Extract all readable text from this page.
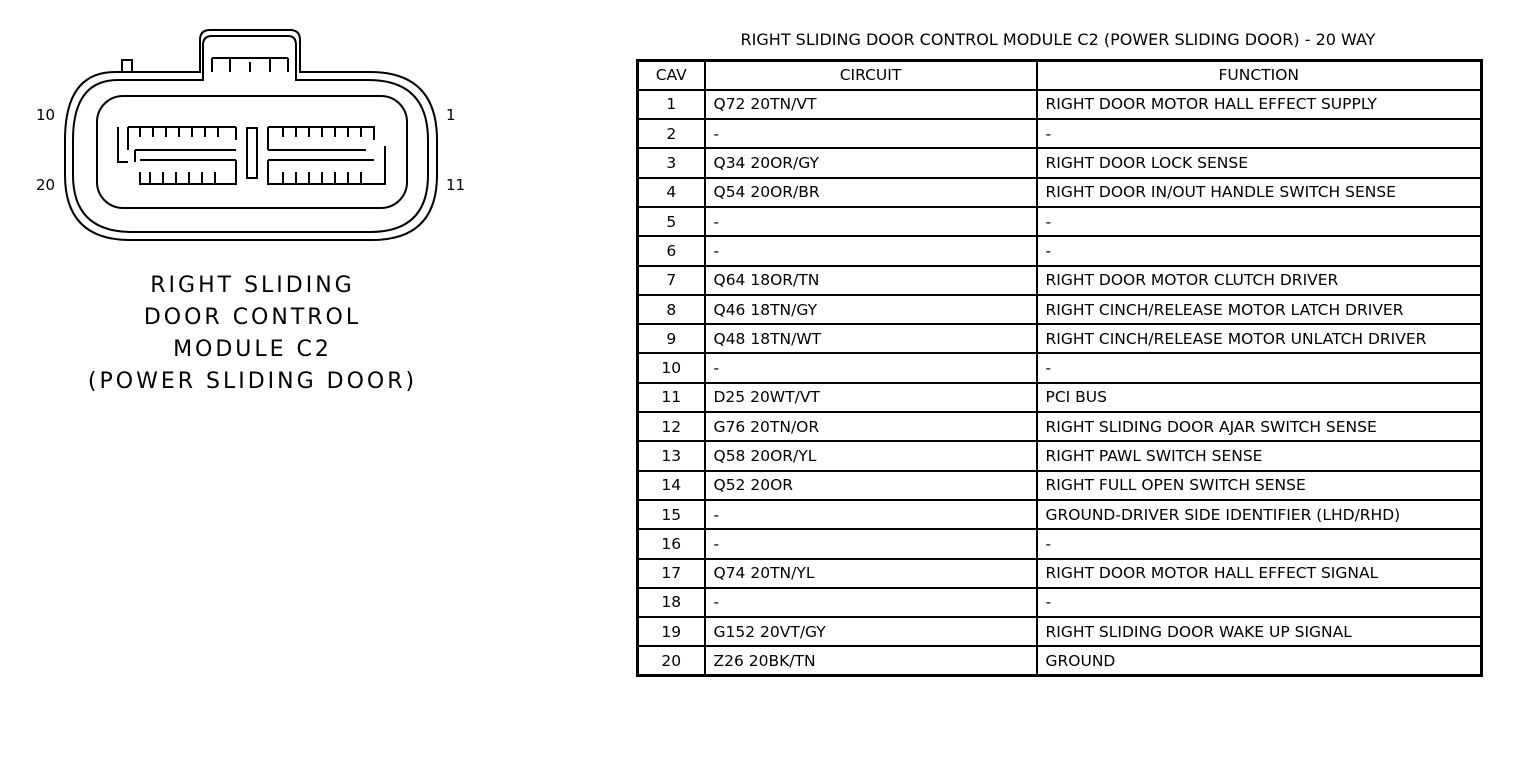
10
20
1
11
RIGHT SLIDING
DOOR CONTROL
MODULE C2
(POWER SLIDING DOOR)
RIGHT SLIDING DOOR CONTROL MODULE C2 (POWER SLIDING DOOR) - 20 WAY
CAV	CIRCUIT	FUNCTION
1	Q72 20TN/VT	RIGHT DOOR MOTOR HALL EFFECT SUPPLY
2	-	-
3	Q34 20OR/GY	RIGHT DOOR LOCK SENSE
4	Q54 20OR/BR	RIGHT DOOR IN/OUT HANDLE SWITCH SENSE
5	-	-
6	-	-
7	Q64 18OR/TN	RIGHT DOOR MOTOR CLUTCH DRIVER
8	Q46 18TN/GY	RIGHT CINCH/RELEASE MOTOR LATCH DRIVER
9	Q48 18TN/WT	RIGHT CINCH/RELEASE MOTOR UNLATCH DRIVER
10	-	-
11	D25 20WT/VT	PCI BUS
12	G76 20TN/OR	RIGHT SLIDING DOOR AJAR SWITCH SENSE
13	Q58 20OR/YL	RIGHT PAWL SWITCH SENSE
14	Q52 20OR	RIGHT FULL OPEN SWITCH SENSE
15	-	GROUND-DRIVER SIDE IDENTIFIER (LHD/RHD)
16	-	-
17	Q74 20TN/YL	RIGHT DOOR MOTOR HALL EFFECT SIGNAL
18	-	-
19	G152 20VT/GY	RIGHT SLIDING DOOR WAKE UP SIGNAL
20	Z26 20BK/TN	GROUND
